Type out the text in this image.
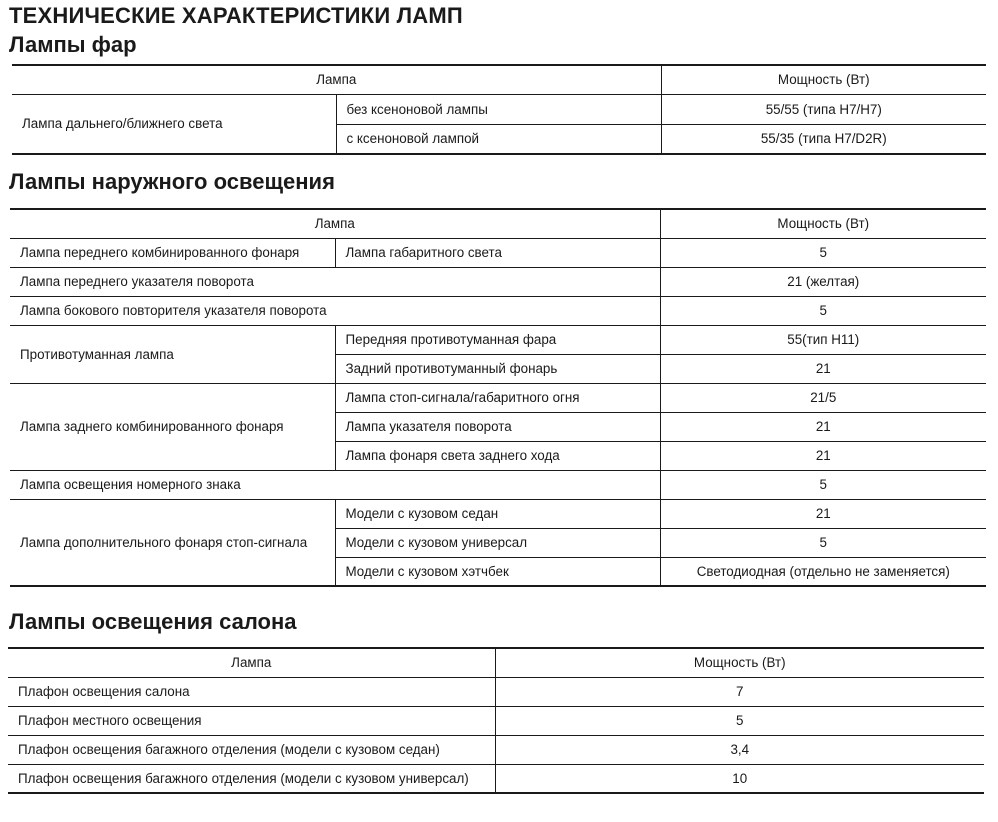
ТЕХНИЧЕСКИЕ ХАРАКТЕРИСТИКИ ЛАМП
Лампы фар
Лампа		Мощность (Вт)
Лампа дальнего/ближнего света	без ксеноновой лампы	55/55 (типа H7/H7)
	с ксеноновой лампой	55/35 (типа H7/D2R)
Лампы наружного освещения
Лампа		Мощность (Вт)
Лампа переднего комбинированного фонаря	Лампа габаритного света	5
Лампа переднего указателя поворота		21 (желтая)
Лампа бокового повторителя указателя поворота		5
Противотуманная лампа	Передняя противотуманная фара	55(тип H11)
	Задний противотуманный фонарь	21
Лампа заднего комбинированного фонаря	Лампа стоп-сигнала/габаритного огня	21/5
	Лампа указателя поворота	21
	Лампа фонаря света заднего хода	21
Лампа освещения номерного знака		5
Лампа дополнительного фонаря стоп-сигнала	Модели с кузовом седан	21
	Модели с кузовом универсал	5
	Модели с кузовом хэтчбек	Светодиодная (отдельно не заменяется)
Лампы освещения салона
Лампа	Мощность (Вт)
Плафон освещения салона	7
Плафон местного освещения	5
Плафон освещения багажного отделения (модели с кузовом седан)	3,4
Плафон освещения багажного отделения (модели с кузовом универсал)	10
